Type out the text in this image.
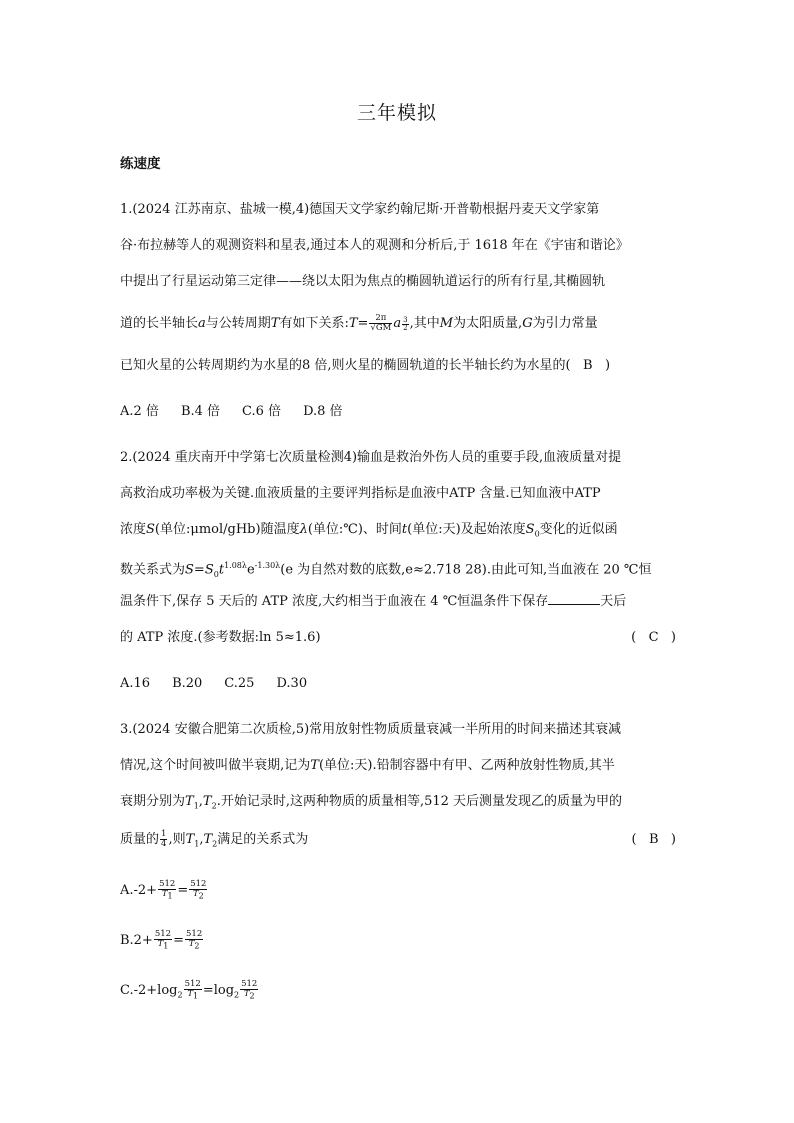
三年模拟
练速度
1.(2024 江苏南京、盐城一模,4)德国天文学家约翰尼斯·开普勒根据丹麦天文学家第
谷·布拉赫等人的观测资料和星表,通过本人的观测和分析后,于 1618 年在《宇宙和谐论》
中提出了行星运动第三定律——绕以太阳为焦点的椭圆轨道运行的所有行星,其椭圆轨
道的长半轴长a与公转周期T有如下关系:T= $\frac{2\pi}{√GM}$ a $^{\frac{3}{2}}$ ,其中M为太阳质量,G为引力常量
已知火星的公转周期约为水星的8 倍,则火星的椭圆轨道的长半轴长约为水星的( B )
A.2 倍 B.4 倍 C.6 倍 D.8 倍
2.(2024 重庆南开中学第七次质量检测4)输血是救治外伤人员的重要手段,血液质量对提
高救治成功率极为关键.血液质量的主要评判指标是血液中ATP 含量.已知血液中ATP
浓度S(单位:μmol/gHb)随温度λ(单位:℃)、时间t(单位:天)及起始浓度$S_0$变化的近似函
数关系式为$S=S_0t^{1.08\lambda}e^{-1.30\lambda}(e$ 为自然对数的底数,e≈2.718 28).由此可知,当血液在 20 ℃恒
温条件下,保存 5 天后的 ATP 浓度,大约相当于血液在 4 ℃恒温条件下保存	天后
的 ATP 浓度.(参考数据:ln 5≈1.6)	( C )
A.16 B.20 C.25 D.30
3.(2024 安徽合肥第二次质检,5)常用放射性物质质量衰减一半所用的时间来描述其衰减
情况,这个时间被叫做半衰期,记为T(单位:天).铅制容器中有甲、乙两种放射性物质,其半
衰期分别为$T_1,T_2$.开始记录时,这两种物质的质量相等,512 天后测量发现乙的质量为甲的
质量的 $\frac{1}{4}$ ,则$T_1,T_2$满足的关系式为	( B )
$A.-2+ \frac{512}{T_1} = \frac{512}{T_2}$
$B.2+ \frac{512}{T_1} = \frac{512}{T_2}$
$C.-2+\log_2 \frac{512}{T_1} =\log_2 \frac{512}{T_2}$
